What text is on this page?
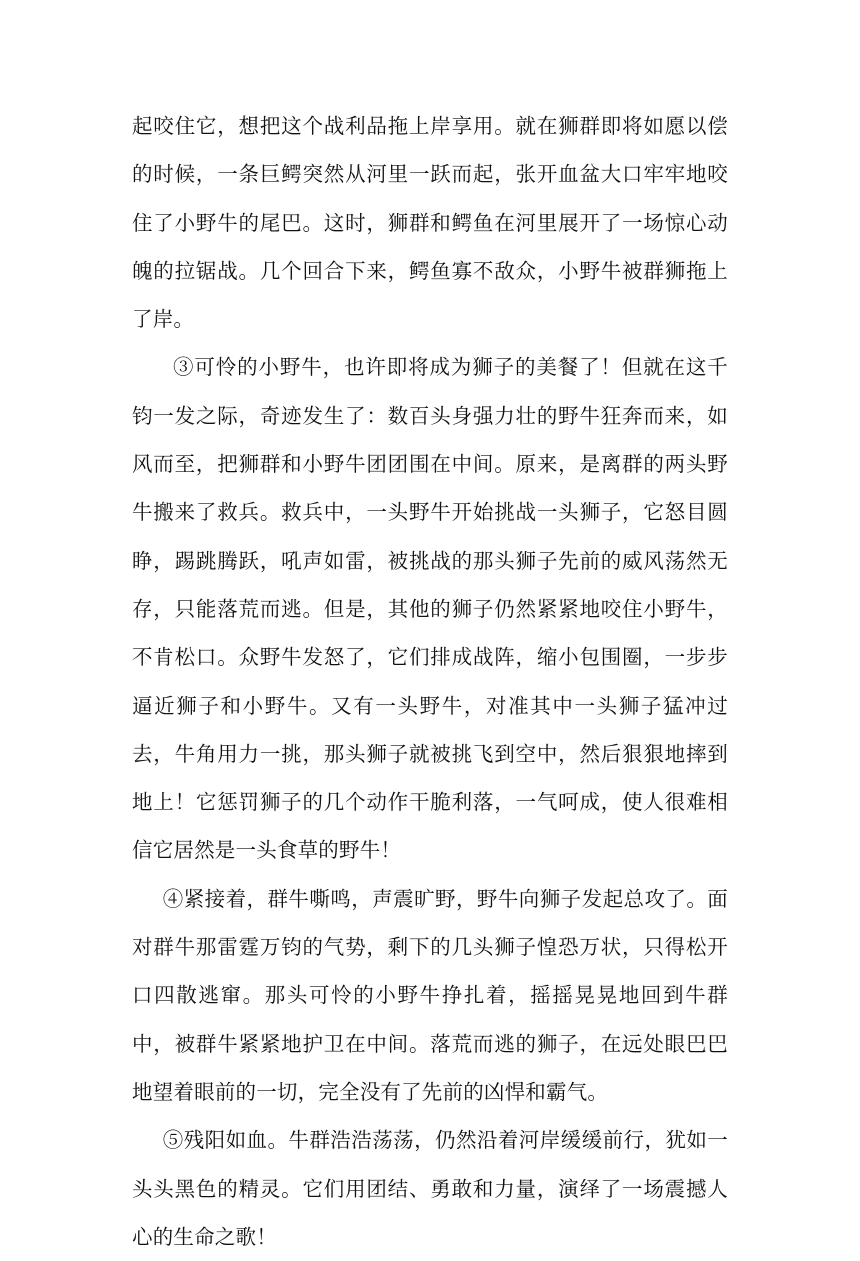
起咬住它，想把这个战利品拖上岸享用。就在狮群即将如愿以偿的时候，一条巨鳄突然从河里一跃而起，张开血盆大口牢牢地咬住了小野牛的尾巴。这时，狮群和鳄鱼在河里展开了一场惊心动魄的拉锯战。几个回合下来，鳄鱼寡不敌众，小野牛被群狮拖上了岸。

③可怜的小野牛，也许即将成为狮子的美餐了！但就在这千钧一发之际，奇迹发生了：数百头身强力壮的野牛狂奔而来，如风而至，把狮群和小野牛团团围在中间。原来，是离群的两头野牛搬来了救兵。救兵中，一头野牛开始挑战一头狮子，它怒目圆睁，踢跳腾跃，吼声如雷，被挑战的那头狮子先前的威风荡然无存，只能落荒而逃。但是，其他的狮子仍然紧紧地咬住小野牛，不肯松口。众野牛发怒了，它们排成战阵，缩小包围圈，一步步逼近狮子和小野牛。又有一头野牛，对准其中一头狮子猛冲过去，牛角用力一挑，那头狮子就被挑飞到空中，然后狠狠地摔到地上！它惩罚狮子的几个动作干脆利落，一气呵成，使人很难相信它居然是一头食草的野牛！

④紧接着，群牛嘶鸣，声震旷野，野牛向狮子发起总攻了。面对群牛那雷霆万钧的气势，剩下的几头狮子惶恐万状，只得松开口四散逃窜。那头可怜的小野牛挣扎着，摇摇晃晃地回到牛群中，被群牛紧紧地护卫在中间。落荒而逃的狮子，在远处眼巴巴地望着眼前的一切，完全没有了先前的凶悍和霸气。

⑤残阳如血。牛群浩浩荡荡，仍然沿着河岸缓缓前行，犹如一头头黑色的精灵。它们用团结、勇敢和力量，演绎了一场震撼人心的生命之歌！
